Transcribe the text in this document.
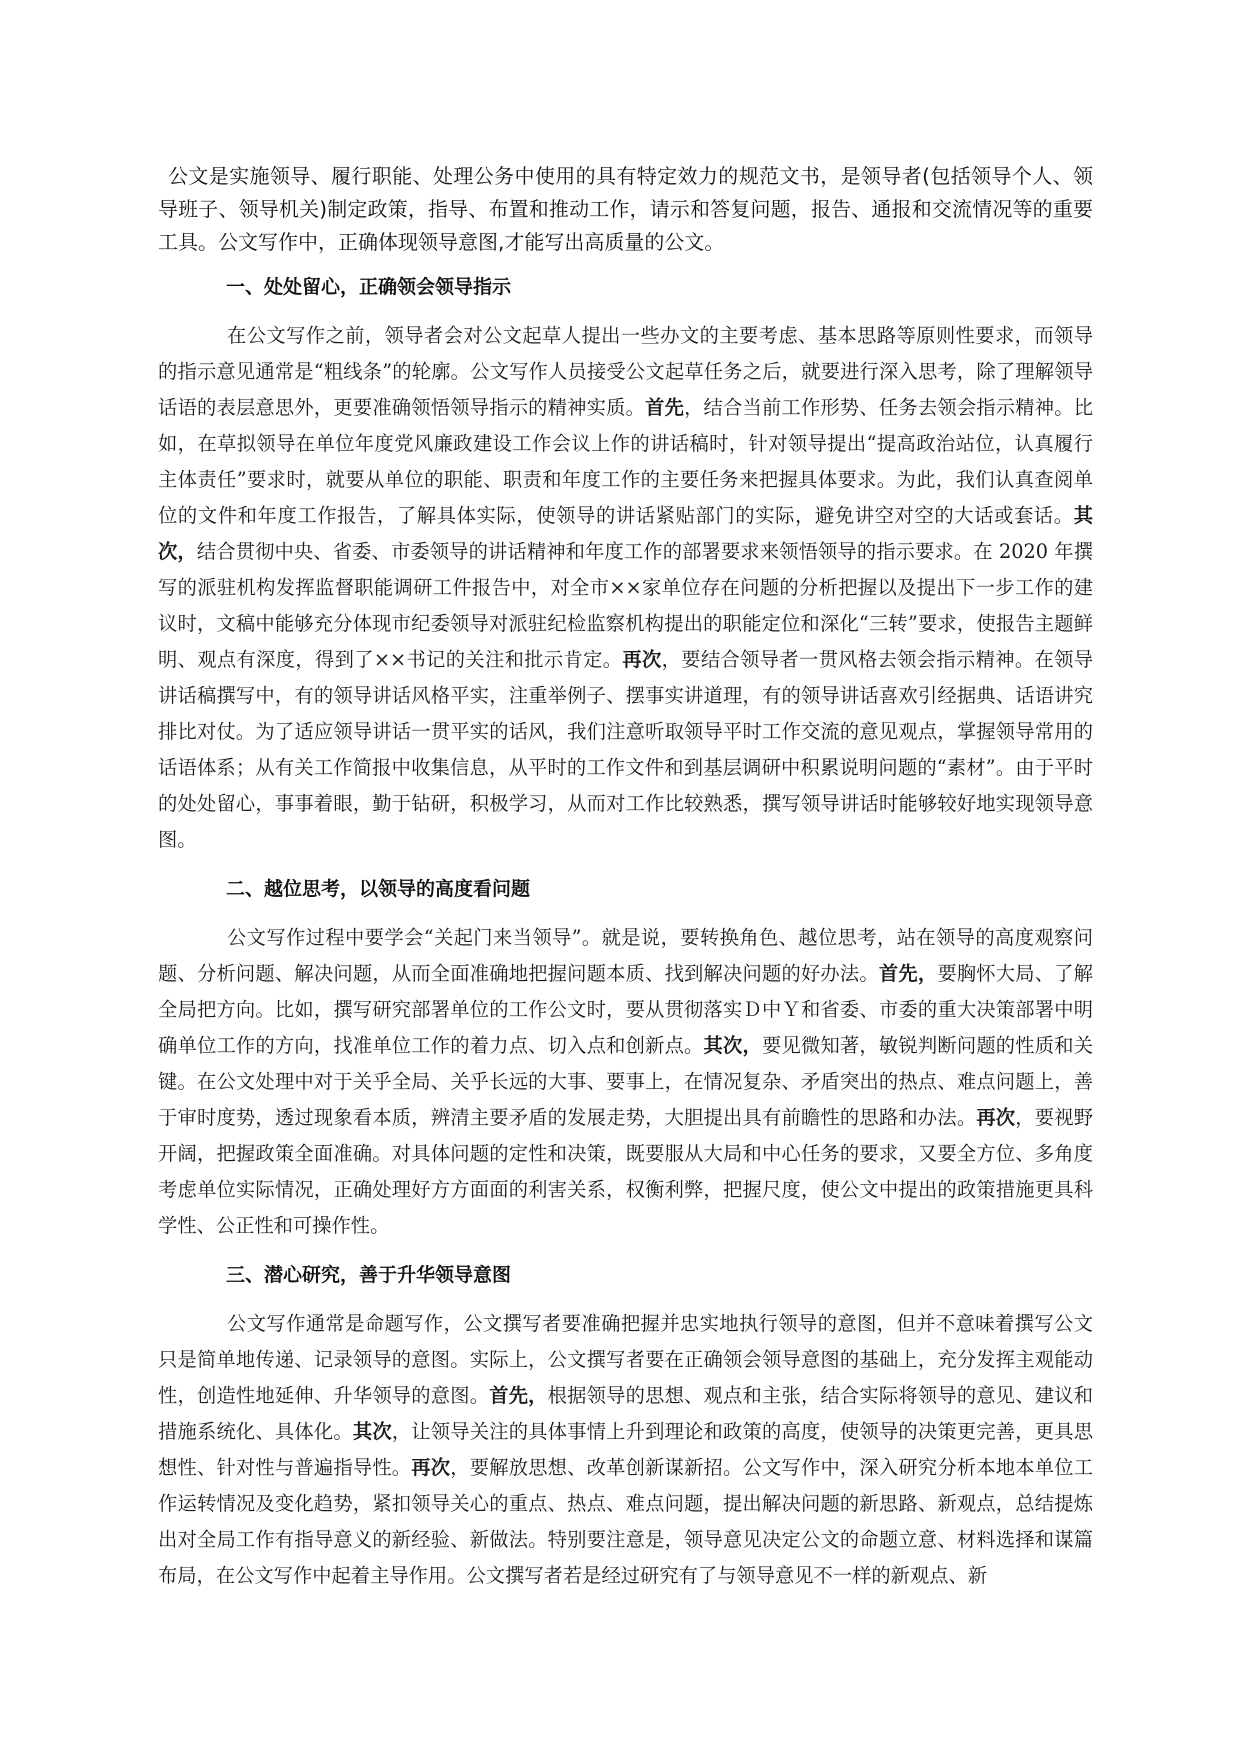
公文是实施领导、履行职能、处理公务中使用的具有特定效力的规范文书，是领导者(包括领导个人、领导班子、领导机关)制定政策，指导、布置和推动工作，请示和答复问题，报告、通报和交流情况等的重要工具。公文写作中，正确体现领导意图,才能写出高质量的公文。

一、处处留心，正确领会领导指示

在公文写作之前，领导者会对公文起草人提出一些办文的主要考虑、基本思路等原则性要求，而领导的指示意见通常是“粗线条”的轮廓。公文写作人员接受公文起草任务之后，就要进行深入思考，除了理解领导话语的表层意思外，更要准确领悟领导指示的精神实质。首先，结合当前工作形势、任务去领会指示精神。比如，在草拟领导在单位年度党风廉政建设工作会议上作的讲话稿时，针对领导提出“提高政治站位，认真履行主体责任”要求时，就要从单位的职能、职责和年度工作的主要任务来把握具体要求。为此，我们认真查阅单位的文件和年度工作报告，了解具体实际，使领导的讲话紧贴部门的实际，避免讲空对空的大话或套话。其次，结合贯彻中央、省委、市委领导的讲话精神和年度工作的部署要求来领悟领导的指示要求。在 2020 年撰写的派驻机构发挥监督职能调研工件报告中，对全市××家单位存在问题的分析把握以及提出下一步工作的建议时，文稿中能够充分体现市纪委领导对派驻纪检监察机构提出的职能定位和深化“三转”要求，使报告主题鲜明、观点有深度，得到了××书记的关注和批示肯定。再次，要结合领导者一贯风格去领会指示精神。在领导讲话稿撰写中，有的领导讲话风格平实，注重举例子、摆事实讲道理，有的领导讲话喜欢引经据典、话语讲究排比对仗。为了适应领导讲话一贯平实的话风，我们注意听取领导平时工作交流的意见观点，掌握领导常用的话语体系；从有关工作简报中收集信息，从平时的工作文件和到基层调研中积累说明问题的“素材”。由于平时的处处留心，事事着眼，勤于钻研，积极学习，从而对工作比较熟悉，撰写领导讲话时能够较好地实现领导意图。

二、越位思考，以领导的高度看问题

公文写作过程中要学会“关起门来当领导”。就是说，要转换角色、越位思考，站在领导的高度观察问题、分析问题、解决问题，从而全面准确地把握问题本质、找到解决问题的好办法。首先，要胸怀大局、了解全局把方向。比如，撰写研究部署单位的工作公文时，要从贯彻落实Ｄ中Ｙ和省委、市委的重大决策部署中明确单位工作的方向，找准单位工作的着力点、切入点和创新点。其次，要见微知著，敏锐判断问题的性质和关键。在公文处理中对于关乎全局、关乎长远的大事、要事上，在情况复杂、矛盾突出的热点、难点问题上，善于审时度势，透过现象看本质，辨清主要矛盾的发展走势，大胆提出具有前瞻性的思路和办法。再次，要视野开阔，把握政策全面准确。对具体问题的定性和决策，既要服从大局和中心任务的要求，又要全方位、多角度考虑单位实际情况，正确处理好方方面面的利害关系，权衡利弊，把握尺度，使公文中提出的政策措施更具科学性、公正性和可操作性。

三、潜心研究，善于升华领导意图

公文写作通常是命题写作，公文撰写者要准确把握并忠实地执行领导的意图，但并不意味着撰写公文只是简单地传递、记录领导的意图。实际上，公文撰写者要在正确领会领导意图的基础上，充分发挥主观能动性，创造性地延伸、升华领导的意图。首先，根据领导的思想、观点和主张，结合实际将领导的意见、建议和措施系统化、具体化。其次，让领导关注的具体事情上升到理论和政策的高度，使领导的决策更完善，更具思想性、针对性与普遍指导性。再次，要解放思想、改革创新谋新招。公文写作中，深入研究分析本地本单位工作运转情况及变化趋势，紧扣领导关心的重点、热点、难点问题，提出解决问题的新思路、新观点，总结提炼出对全局工作有指导意义的新经验、新做法。特别要注意是，领导意见决定公文的命题立意、材料选择和谋篇布局，在公文写作中起着主导作用。公文撰写者若是经过研究有了与领导意见不一样的新观点、新
